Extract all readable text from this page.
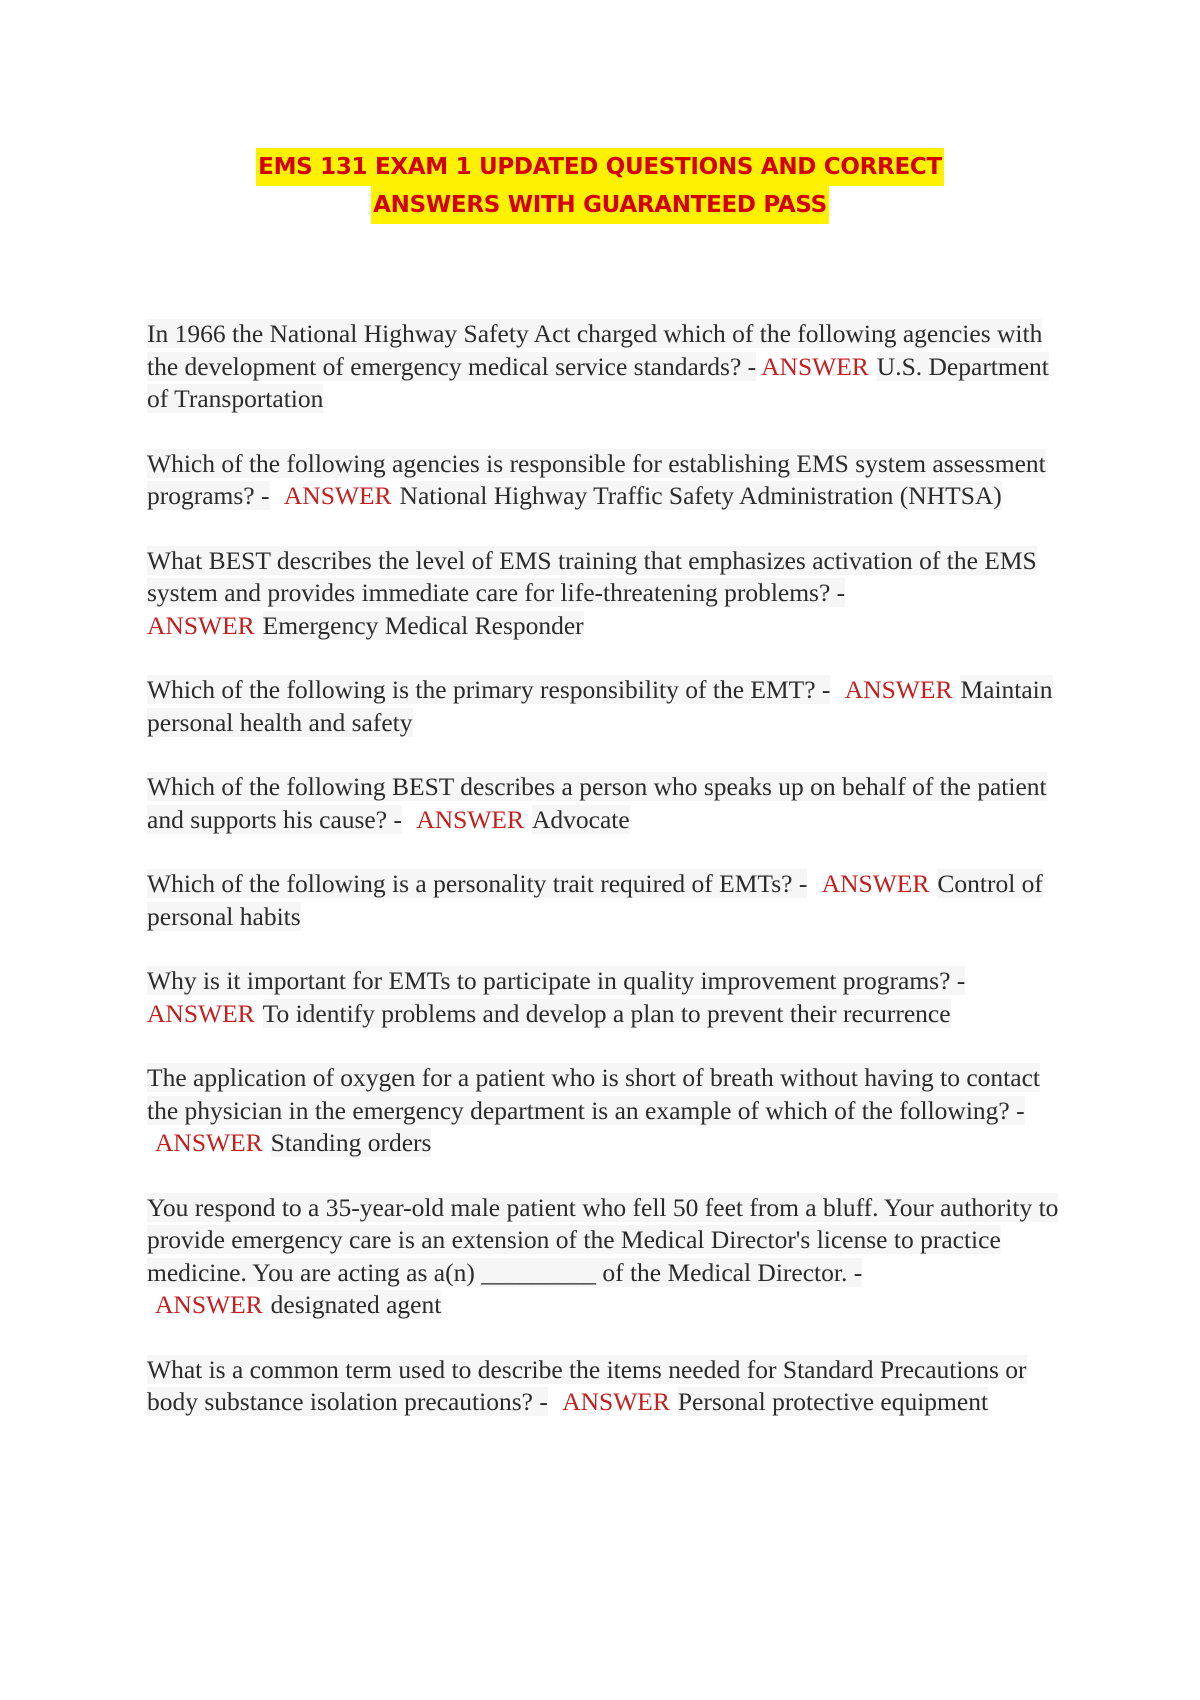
EMS 131 EXAM 1 UPDATED QUESTIONS AND CORRECT
ANSWERS WITH GUARANTEED PASS

In 1966 the National Highway Safety Act charged which of the following agencies with the development of emergency medical service standards? - ANSWER U.S. Department of Transportation

Which of the following agencies is responsible for establishing EMS system assessment programs? - ANSWER National Highway Traffic Safety Administration (NHTSA)

What BEST describes the level of EMS training that emphasizes activation of the EMS system and provides immediate care for life-threatening problems? - ANSWER Emergency Medical Responder

Which of the following is the primary responsibility of the EMT? - ANSWER Maintain personal health and safety

Which of the following BEST describes a person who speaks up on behalf of the patient and supports his cause? - ANSWER Advocate

Which of the following is a personality trait required of EMTs? - ANSWER Control of personal habits

Why is it important for EMTs to participate in quality improvement programs? - ANSWER To identify problems and develop a plan to prevent their recurrence

The application of oxygen for a patient who is short of breath without having to contact the physician in the emergency department is an example of which of the following? - ANSWER Standing orders

You respond to a 35-year-old male patient who fell 50 feet from a bluff. Your authority to provide emergency care is an extension of the Medical Director's license to practice medicine. You are acting as a(n) _________ of the Medical Director. - ANSWER designated agent

What is a common term used to describe the items needed for Standard Precautions or body substance isolation precautions? - ANSWER Personal protective equipment
